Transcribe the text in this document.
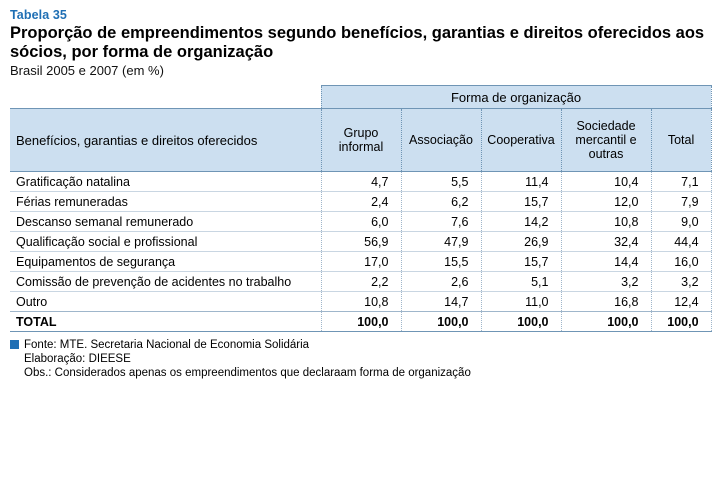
Tabela 35
Proporção de empreendimentos segundo benefícios, garantias e direitos oferecidos aos sócios, por forma de organização
Brasil 2005 e 2007 (em %)
	Forma de organização				
Benefícios, garantias e direitos oferecidos	Grupo informal	Associação	Cooperativa	Sociedade mercantil e outras	Total
Gratificação natalina	4,7	5,5	11,4	10,4	7,1
Férias remuneradas	2,4	6,2	15,7	12,0	7,9
Descanso semanal remunerado	6,0	7,6	14,2	10,8	9,0
Qualificação social e profissional	56,9	47,9	26,9	32,4	44,4
Equipamentos de segurança	17,0	15,5	15,7	14,4	16,0
Comissão de prevenção de acidentes no trabalho	2,2	2,6	5,1	3,2	3,2
Outro	10,8	14,7	11,0	16,8	12,4
TOTAL	100,0	100,0	100,0	100,0	100,0
Fonte: MTE. Secretaria Nacional de Economia Solidária
Elaboração: DIEESE
Obs.: Considerados apenas os empreendimentos que declaraam forma de organização
